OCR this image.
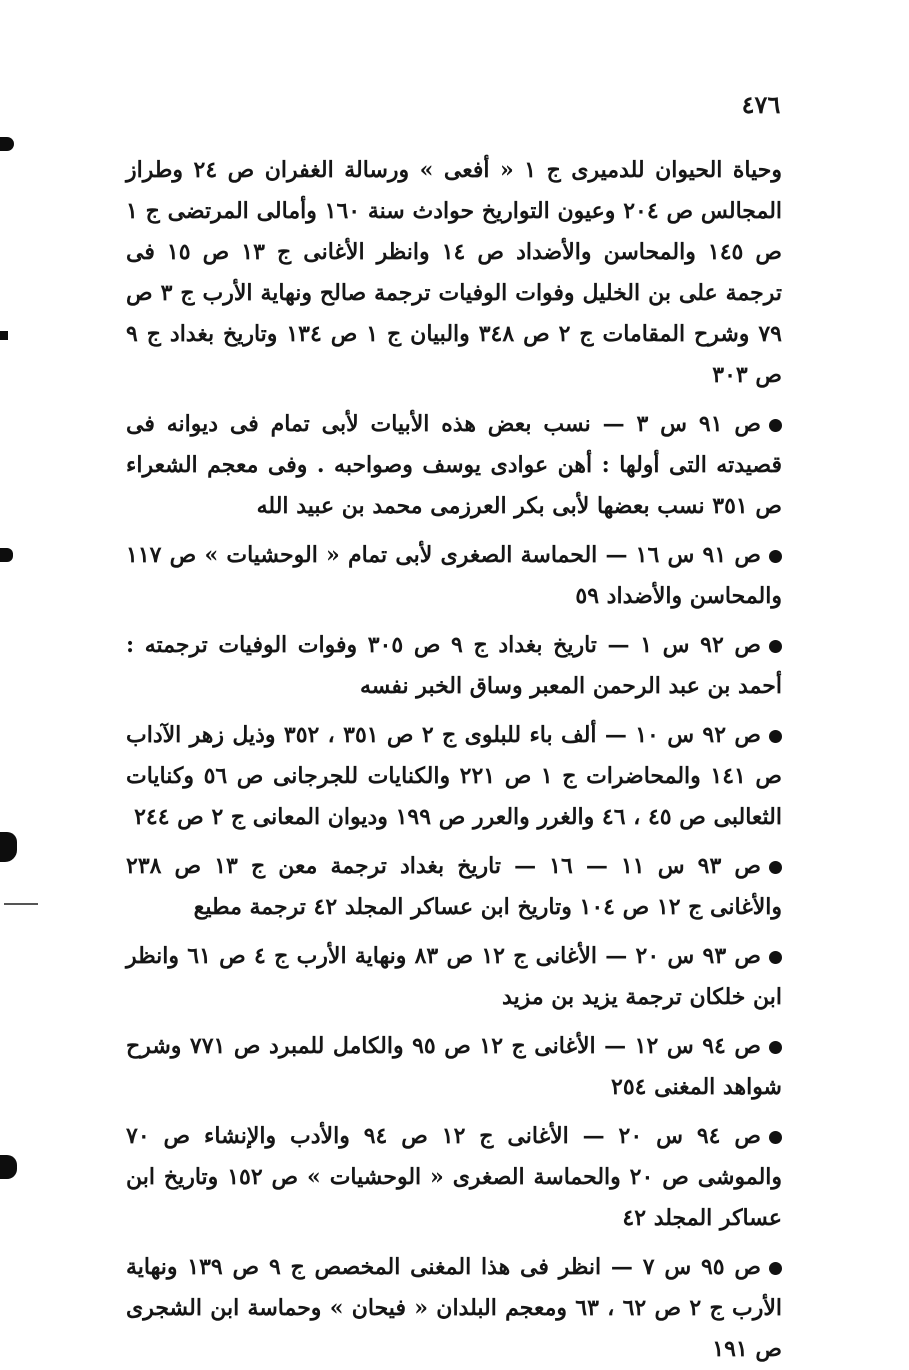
٤٧٦

وحياة الحيوان للدميرى ج ١ « أفعى » ورسالة الغفران ص ٢٤ وطراز المجالس ص ٢٠٤ وعيون التواريخ حوادث سنة ١٦٠ وأمالى المرتضى ج ١ ص ١٤٥ والمحاسن والأضداد ص ١٤ وانظر الأغانى ج ١٣ ص ١٥ فى ترجمة على بن الخليل وفوات الوفيات ترجمة صالح ونهاية الأرب ج ٣ ص ٧٩ وشرح المقامات ج ٢ ص ٣٤٨ والبيان ج ١ ص ١٣٤ وتاريخ بغداد ج ٩ ص ٣٠٣

ص ٩١ س ٣ — نسب بعض هذه الأبيات لأبى تمام فى ديوانه فى قصيدته التى أولها : أهن عوادى يوسف وصواحبه . وفى معجم الشعراء ص ٣٥١ نسب بعضها لأبى بكر العرزمى محمد بن عبيد الله

ص ٩١ س ١٦ — الحماسة الصغرى لأبى تمام « الوحشيات » ص ١١٧ والمحاسن والأضداد ٥٩

ص ٩٢ س ١ — تاريخ بغداد ج ٩ ص ٣٠٥ وفوات الوفيات ترجمته : أحمد بن عبد الرحمن المعبر وساق الخبر نفسه

ص ٩٢ س ١٠ — ألف باء للبلوى ج ٢ ص ٣٥١ ، ٣٥٢ وذيل زهر الآداب ص ١٤١ والمحاضرات ج ١ ص ٢٢١ والكنايات للجرجانى ص ٥٦ وكنايات الثعالبى ص ٤٥ ، ٤٦ والغرر والعرر ص ١٩٩ وديوان المعانى ج ٢ ص ٢٤٤

ص ٩٣ س ١١ — ١٦ — تاريخ بغداد ترجمة معن ج ١٣ ص ٢٣٨ والأغانى ج ١٢ ص ١٠٤ وتاريخ ابن عساكر المجلد ٤٢ ترجمة مطيع

ص ٩٣ س ٢٠ — الأغانى ج ١٢ ص ٨٣ ونهاية الأرب ج ٤ ص ٦١ وانظر ابن خلكان ترجمة يزيد بن مزيد

ص ٩٤ س ١٢ — الأغانى ج ١٢ ص ٩٥ والكامل للمبرد ص ٧٧١ وشرح شواهد المغنى ٢٥٤

ص ٩٤ س ٢٠ — الأغانى ج ١٢ ص ٩٤ والأدب والإنشاء ص ٧٠ والموشى ص ٢٠ والحماسة الصغرى « الوحشيات » ص ١٥٢ وتاريخ ابن عساكر المجلد ٤٢

ص ٩٥ س ٧ — انظر فى هذا المغنى المخصص ج ٩ ص ١٣٩ ونهاية الأرب ج ٢ ص ٦٢ ، ٦٣ ومعجم البلدان « فيحان » وحماسة ابن الشجرى ص ١٩١
